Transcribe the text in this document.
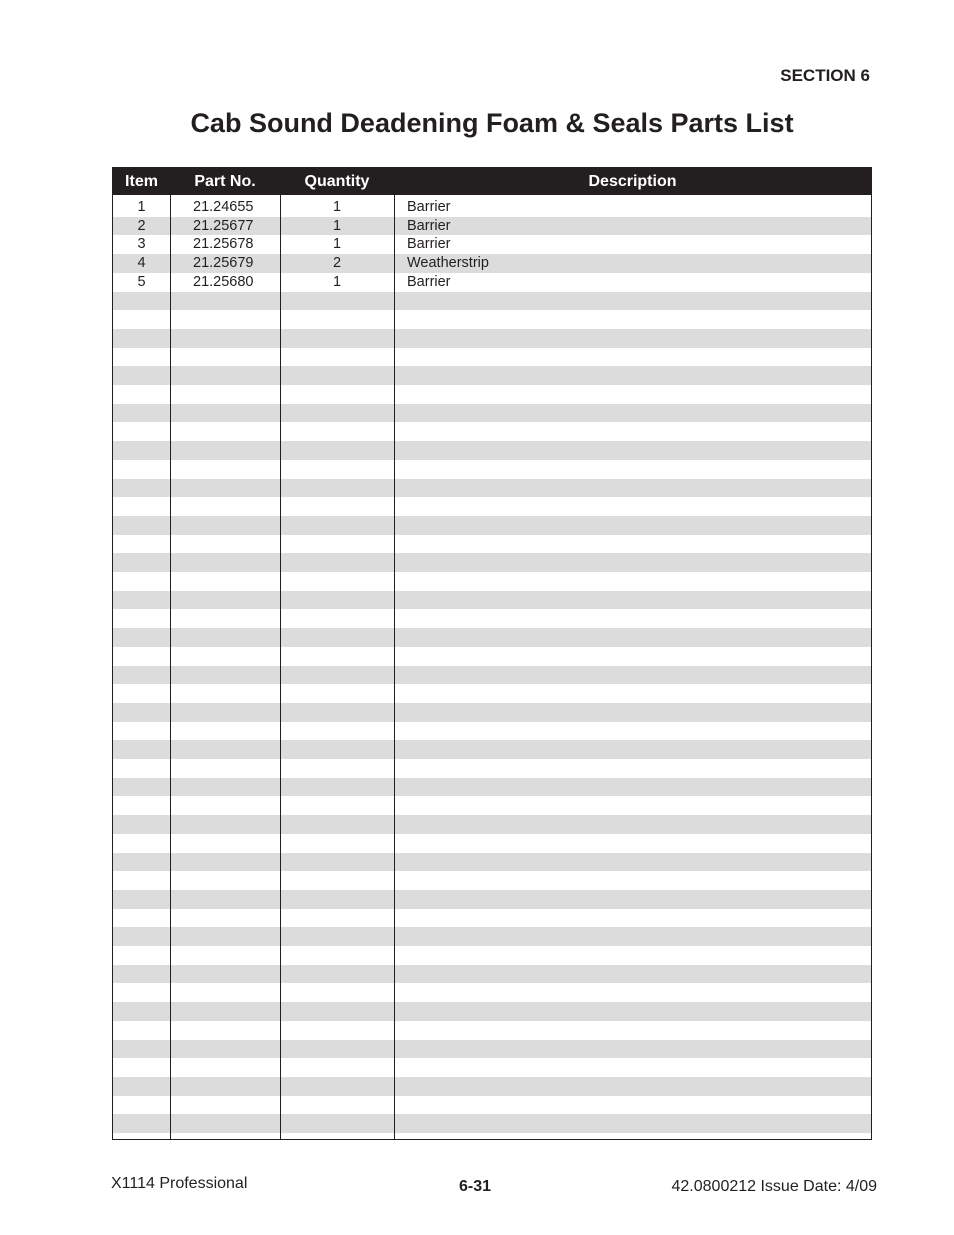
SECTION 6
Cab Sound Deadening Foam & Seals Parts List
Item	Part No.	Quantity	Description
1	21.24655	1	Barrier
2	21.25677	1	Barrier
3	21.25678	1	Barrier
4	21.25679	2	Weatherstrip
5	21.25680	1	Barrier
X1114 Professional	6-31	42.0800212 Issue Date: 4/09
